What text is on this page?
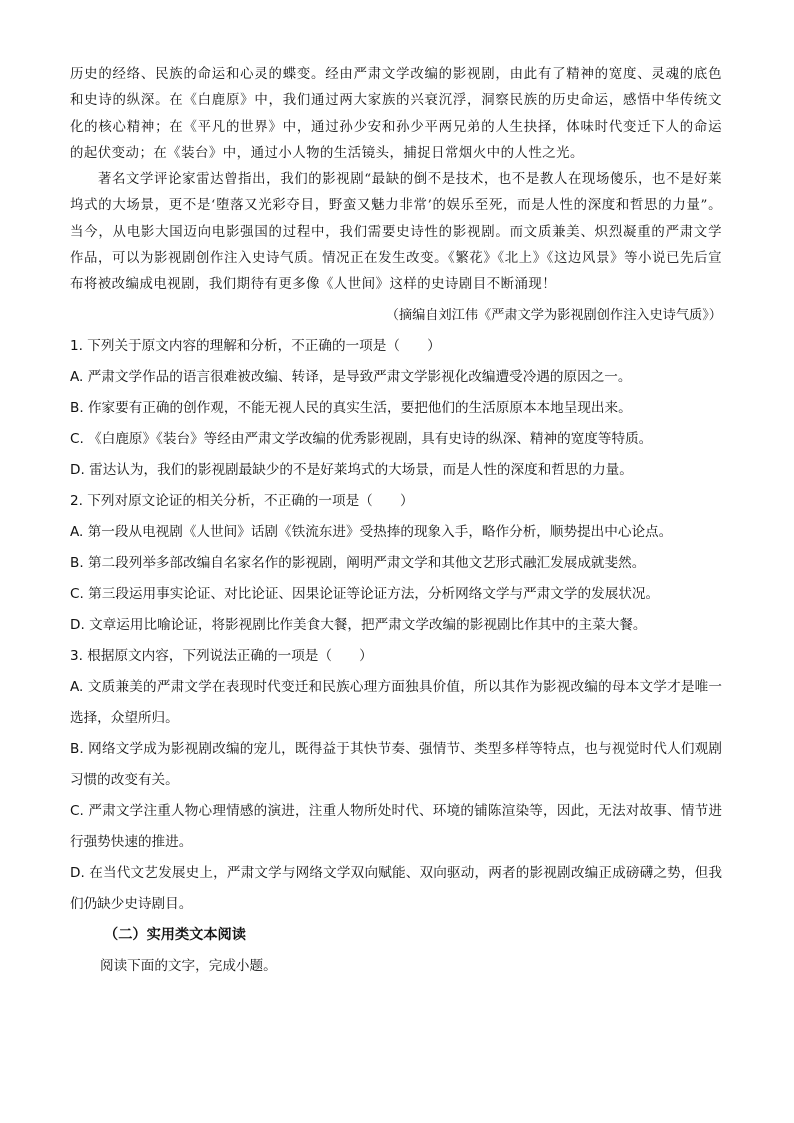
历史的经络、民族的命运和心灵的蝶变。经由严肃文学改编的影视剧，由此有了精神的宽度、灵魂的底色和史诗的纵深。在《白鹿原》中，我们通过两大家族的兴衰沉浮，洞察民族的历史命运，感悟中华传统文化的核心精神；在《平凡的世界》中，通过孙少安和孙少平两兄弟的人生抉择，体味时代变迁下人的命运的起伏变动；在《装台》中，通过小人物的生活镜头，捕捉日常烟火中的人性之光。

著名文学评论家雷达曾指出，我们的影视剧“最缺的倒不是技术，也不是教人在现场傻乐，也不是好莱坞式的大场景，更不是‘堕落又光彩夺目，野蛮又魅力非常’的娱乐至死，而是人性的深度和哲思的力量”。当今，从电影大国迈向电影强国的过程中，我们需要史诗性的影视剧。而文质兼美、炽烈凝重的严肃文学作品，可以为影视剧创作注入史诗气质。情况正在发生改变。《繁花》《北上》《这边风景》等小说已先后宣布将被改编成电视剧，我们期待有更多像《人世间》这样的史诗剧目不断涌现！

（摘编自刘江伟《严肃文学为影视剧创作注入史诗气质》）

1. 下列关于原文内容的理解和分析，不正确的一项是（　　）

A. 严肃文学作品的语言很难被改编、转译，是导致严肃文学影视化改编遭受冷遇的原因之一。

B. 作家要有正确的创作观，不能无视人民的真实生活，要把他们的生活原原本本地呈现出来。

C. 《白鹿原》《装台》等经由严肃文学改编的优秀影视剧，具有史诗的纵深、精神的宽度等特质。

D. 雷达认为，我们的影视剧最缺少的不是好莱坞式的大场景，而是人性的深度和哲思的力量。

2. 下列对原文论证的相关分析，不正确的一项是（　　）

A. 第一段从电视剧《人世间》话剧《铁流东进》受热捧的现象入手，略作分析，顺势提出中心论点。

B. 第二段列举多部改编自名家名作的影视剧，阐明严肃文学和其他文艺形式融汇发展成就斐然。

C. 第三段运用事实论证、对比论证、因果论证等论证方法，分析网络文学与严肃文学的发展状况。

D. 文章运用比喻论证，将影视剧比作美食大餐，把严肃文学改编的影视剧比作其中的主菜大餐。

3. 根据原文内容，下列说法正确的一项是（　　）

A. 文质兼美的严肃文学在表现时代变迁和民族心理方面独具价值，所以其作为影视改编的母本文学才是唯一选择，众望所归。

B. 网络文学成为影视剧改编的宠儿，既得益于其快节奏、强情节、类型多样等特点，也与视觉时代人们观剧习惯的改变有关。

C. 严肃文学注重人物心理情感的演进，注重人物所处时代、环境的铺陈渲染等，因此，无法对故事、情节进行强势快速的推进。

D. 在当代文艺发展史上，严肃文学与网络文学双向赋能、双向驱动，两者的影视剧改编正成磅礴之势，但我们仍缺少史诗剧目。

（二）实用类文本阅读

阅读下面的文字，完成小题。
